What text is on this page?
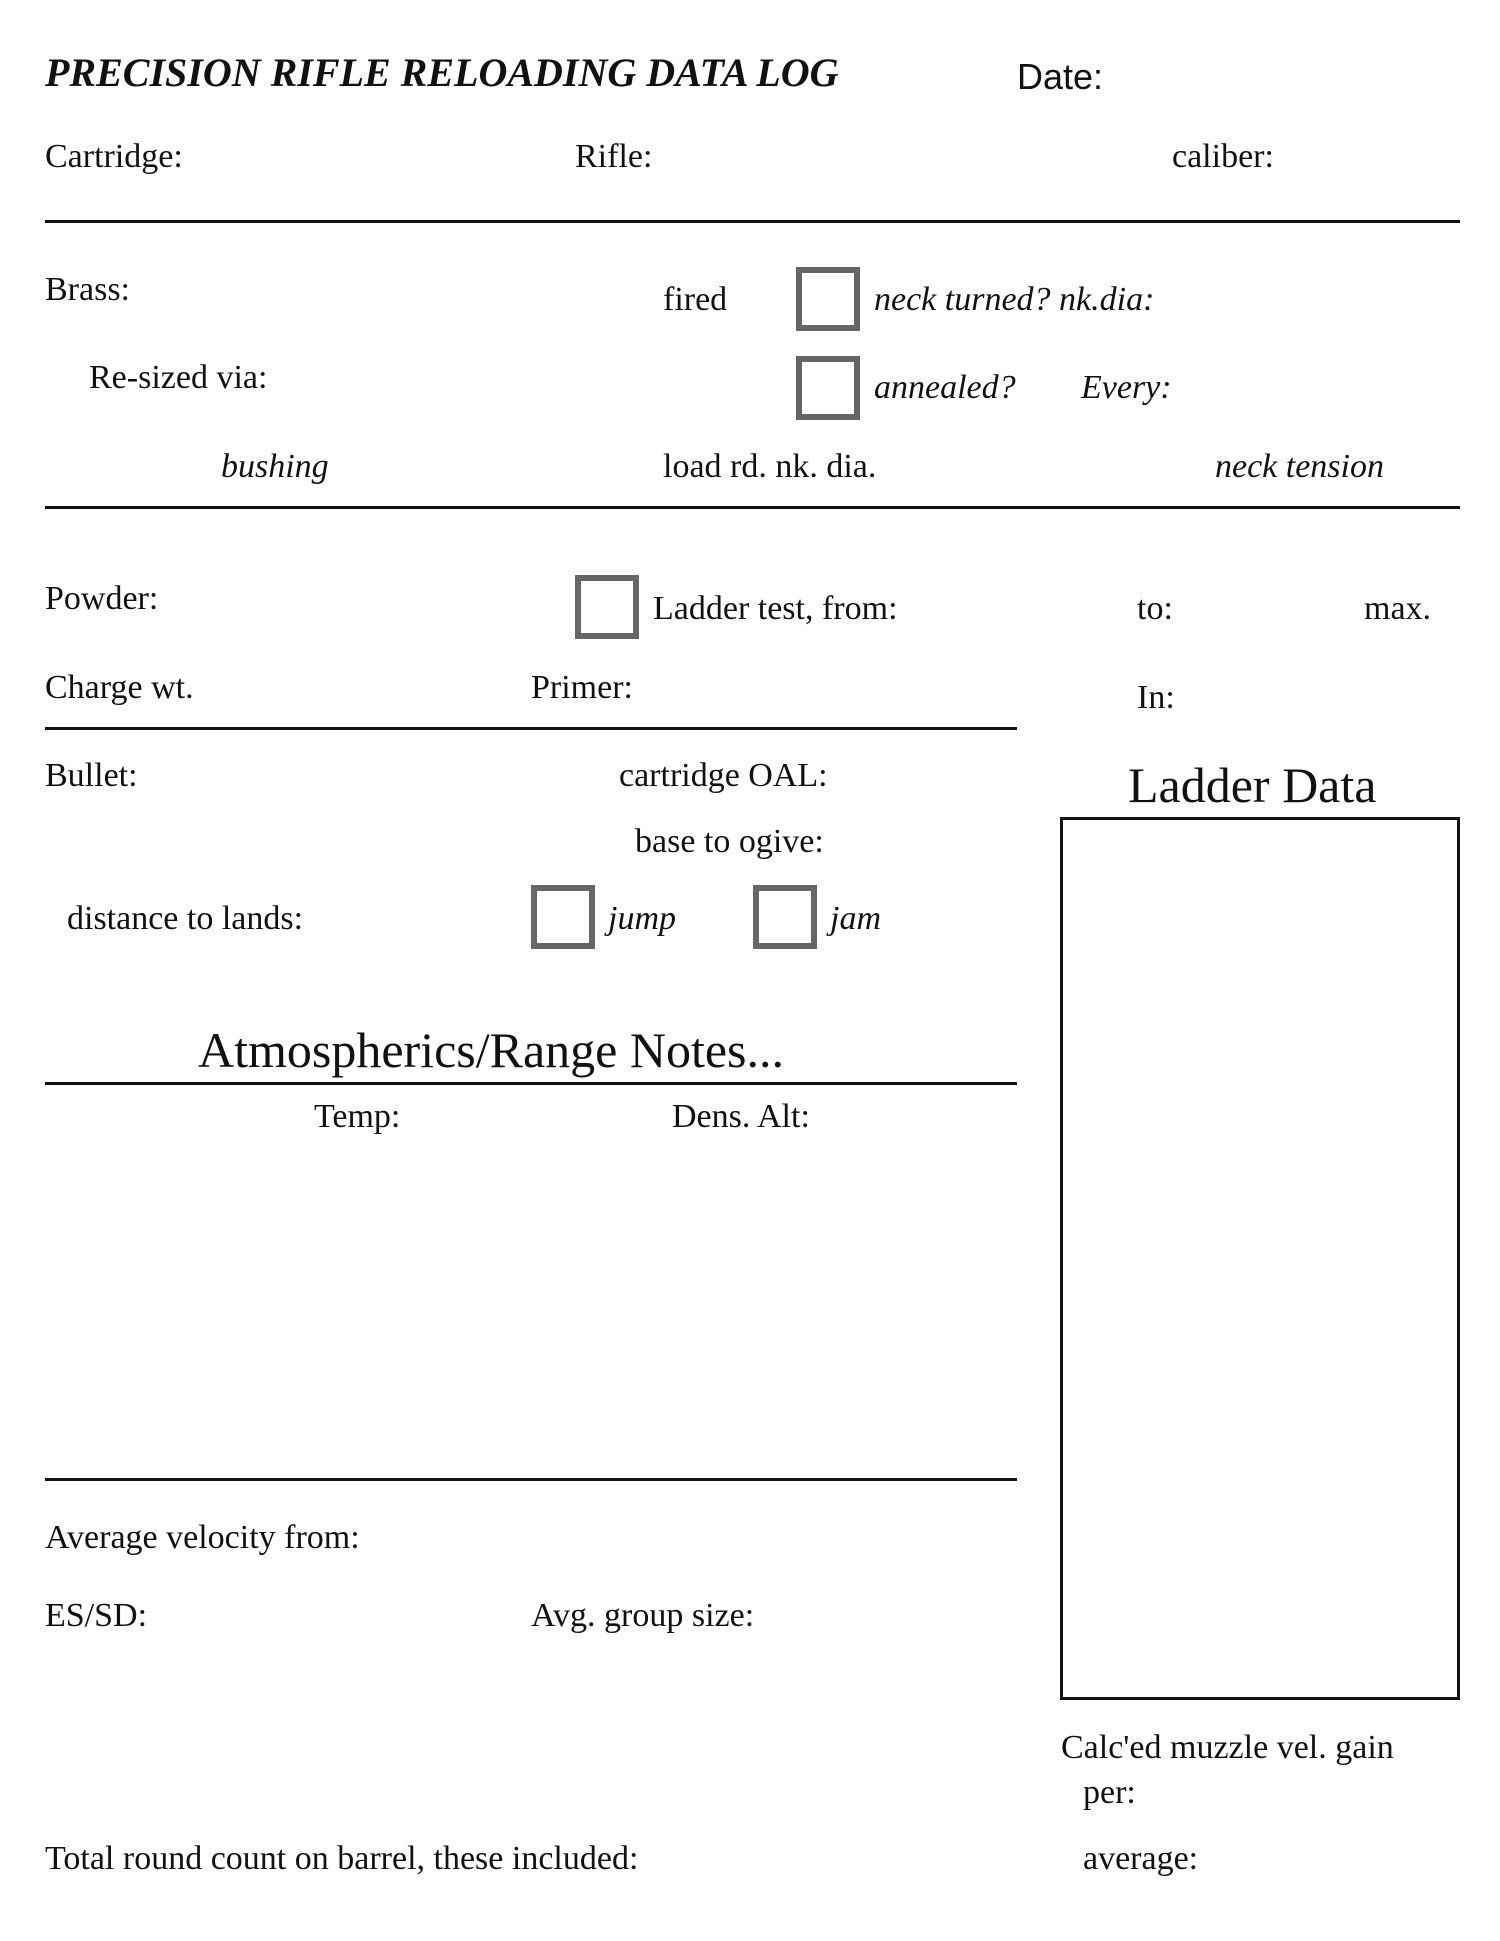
PRECISION RIFLE RELOADING DATA LOG	Date:
Cartridge:	Rifle:	caliber:
Brass:	fired	neck turned? nk.dia:
Re-sized via:	annealed? Every:
bushing	load rd. nk. dia.	neck tension
Powder:	Ladder test, from:	to:	max.
Charge wt.	Primer:	In:
Bullet:	cartridge OAL:	Ladder Data
base to ogive:
distance to lands:	jump	jam
Atmospherics/Range Notes...
Temp:	Dens. Alt:
Average velocity from:
ES/SD:	Avg. group size:
Calc'ed muzzle vel. gain
per:
Total round count on barrel, these included:	average:
